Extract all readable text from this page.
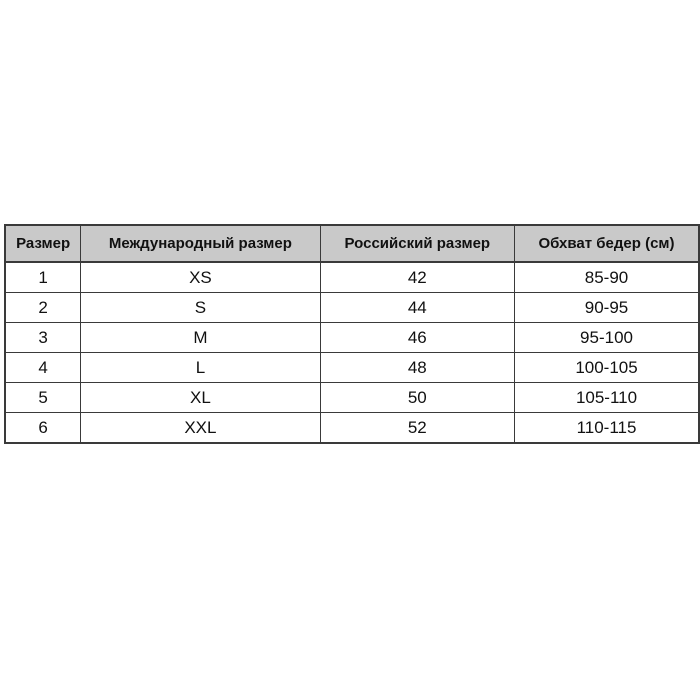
Размер	Международный размер	Российский размер	Обхват бедер (см)
1	XS	42	85-90
2	S	44	90-95
3	M	46	95-100
4	L	48	100-105
5	XL	50	105-110
6	XXL	52	110-115
